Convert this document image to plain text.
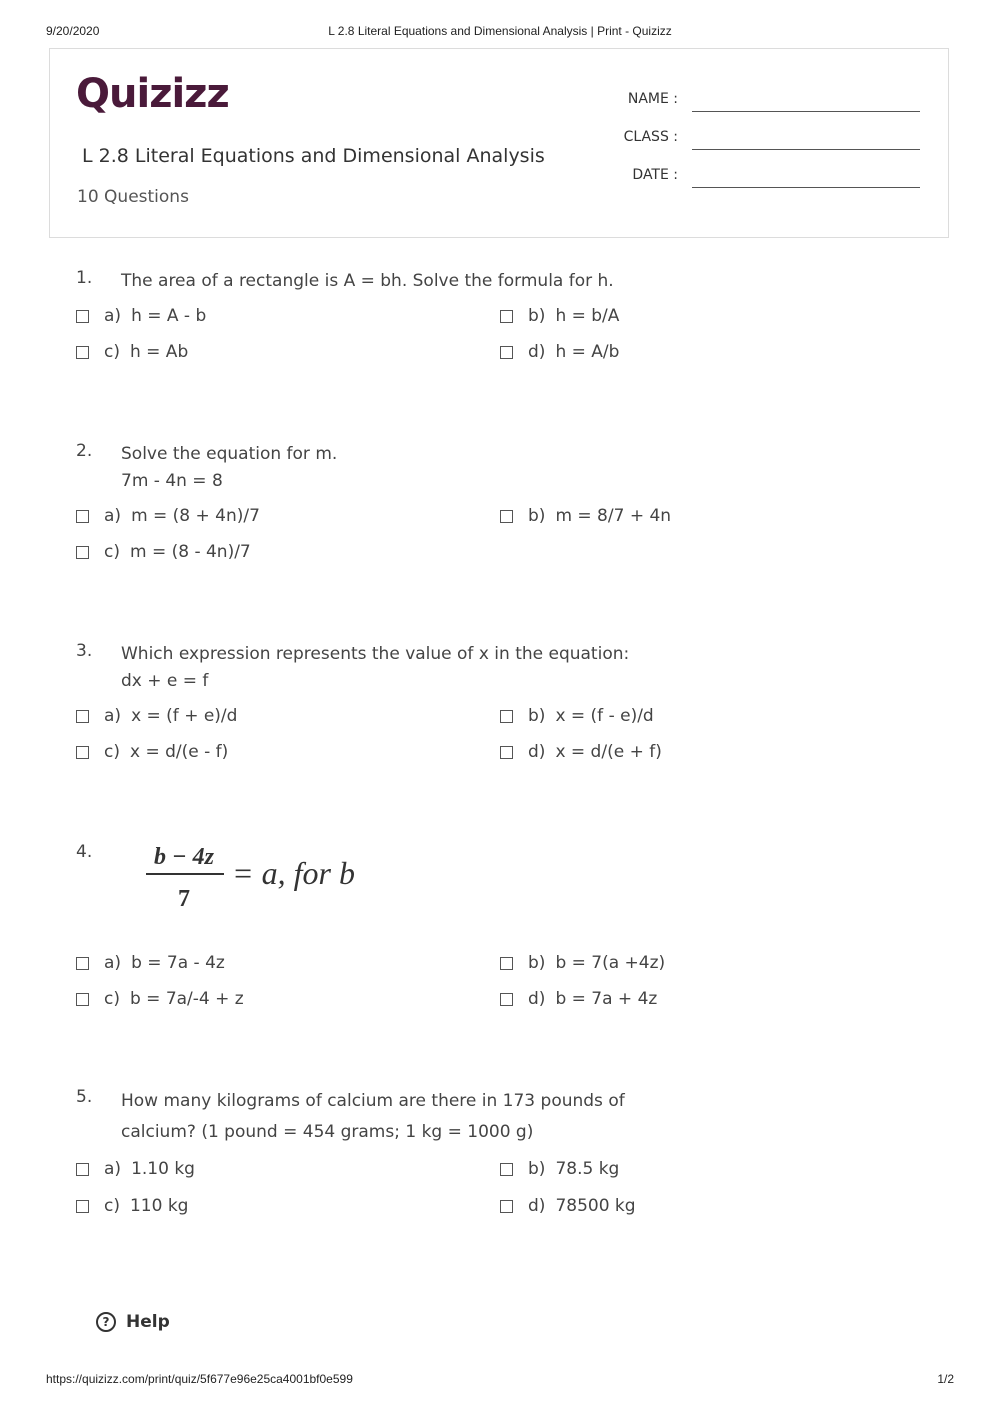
9/20/2020	L 2.8 Literal Equations and Dimensional Analysis | Print - Quizizz
Quizizz
L 2.8 Literal Equations and Dimensional Analysis
10 Questions
NAME :
CLASS :
DATE :
1. The area of a rectangle is A = bh. Solve the formula for h.
a) h = A - b	b) h = b/A
c) h = Ab	d) h = A/b
2. Solve the equation for m.
7m - 4n = 8
a) m = (8 + 4n)/7	b) m = 8/7 + 4n
c) m = (8 - 4n)/7
3. Which expression represents the value of x in the equation:
dx + e = f
a) x = (f + e)/d	b) x = (f - e)/d
c) x = d/(e - f)	d) x = d/(e + f)
4.	b − 4z
7
= a, for b
a) b = 7a - 4z	b) b = 7(a +4z)
c) b = 7a/-4 + z	d) b = 7a + 4z
5. How many kilograms of calcium are there in 173 pounds of calcium? (1 pound = 454 grams; 1 kg = 1000 g)
a) 1.10 kg	b) 78.5 kg
c) 110 kg	d) 78500 kg
? Help
https://quizizz.com/print/quiz/5f677e96e25ca4001bf0e599	1/2
